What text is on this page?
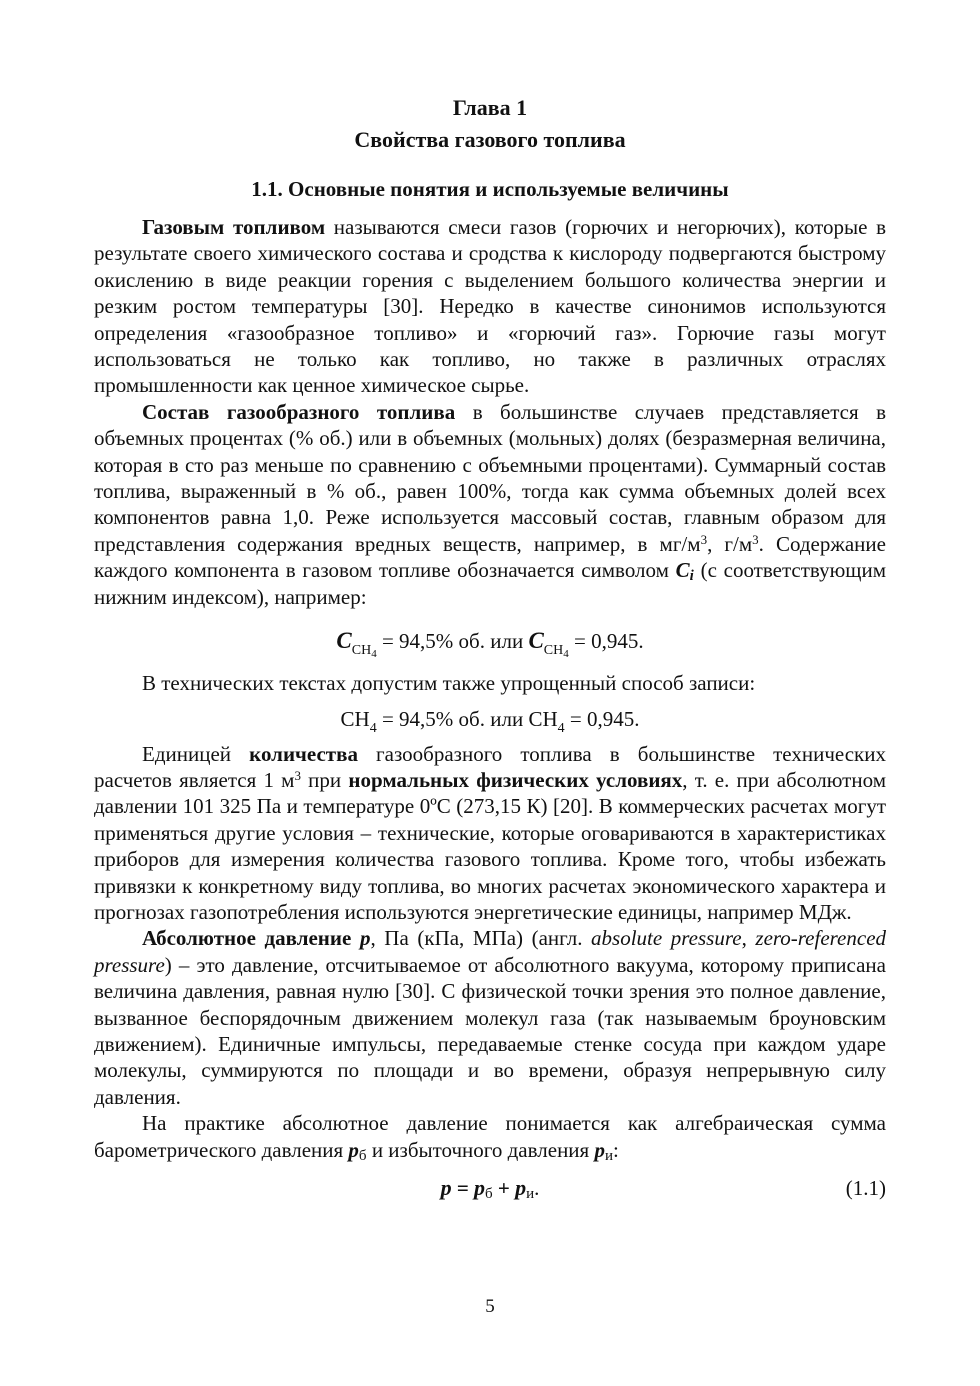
Глава 1
Свойства газового топлива
1.1. Основные понятия и используемые величины

Газовым топливом называются смеси газов (горючих и негорючих), которые в результате своего химического состава и сродства к кислороду подвергаются быстрому окислению в виде реакции горения с выделением большого количества энергии и резким ростом температуры [30]. Нередко в качестве синонимов используются определения «газообразное топливо» и «горючий газ». Горючие газы могут использоваться не только как топливо, но также в различных отраслях промышленности как ценное химическое сырье.

Состав газообразного топлива в большинстве случаев представляется в объемных процентах (% об.) или в объемных (мольных) долях (безразмерная величина, которая в сто раз меньше по сравнению с объемными процентами). Суммарный состав топлива, выраженный в % об., равен 100%, тогда как сумма объемных долей всех компонентов равна 1,0. Реже используется массовый состав, главным образом для представления содержания вредных веществ, например, в $мг/м^3$, $г/м^3$. Содержание каждого компонента в газовом топливе обозначается символом $C_i$ (с соответствующим нижним индексом), например:

$C_{CH_4} = 94,5\%$ об. или $C_{CH_4} = 0,945$.

В технических текстах допустим также упрощенный способ записи:

$CH_4 = 94,5\%$ об. или $CH_4 = 0,945$.

Единицей количества газообразного топлива в большинстве технических расчетов является 1 $м^3$ при нормальных физических условиях, т. е. при абсолютном давлении 101 325 Па и температуре 0ºС (273,15 К) [20]. В коммерческих расчетах могут применяться другие условия – технические, которые оговариваются в характеристиках приборов для измерения количества газового топлива. Кроме того, чтобы избежать привязки к конкретному виду топлива, во многих расчетах экономического характера и прогнозах газопотребления используются энергетические единицы, например МДж.

Абсолютное давление p, Па (кПа, МПа) (англ. absolute pressure, zero-referenced pressure) – это давление, отсчитываемое от абсолютного вакуума, которому приписана величина давления, равная нулю [30]. С физической точки зрения это полное давление, вызванное беспорядочным движением молекул газа (так называемым броуновским движением). Единичные импульсы, передаваемые стенке сосуда при каждом ударе молекулы, суммируются по площади и во времени, образуя непрерывную силу давления.

На практике абсолютное давление понимается как алгебраическая сумма барометрического давления $p_б$ и избыточного давления $p_и$:

$p = p_б + p_и$.	(1.1)
5
